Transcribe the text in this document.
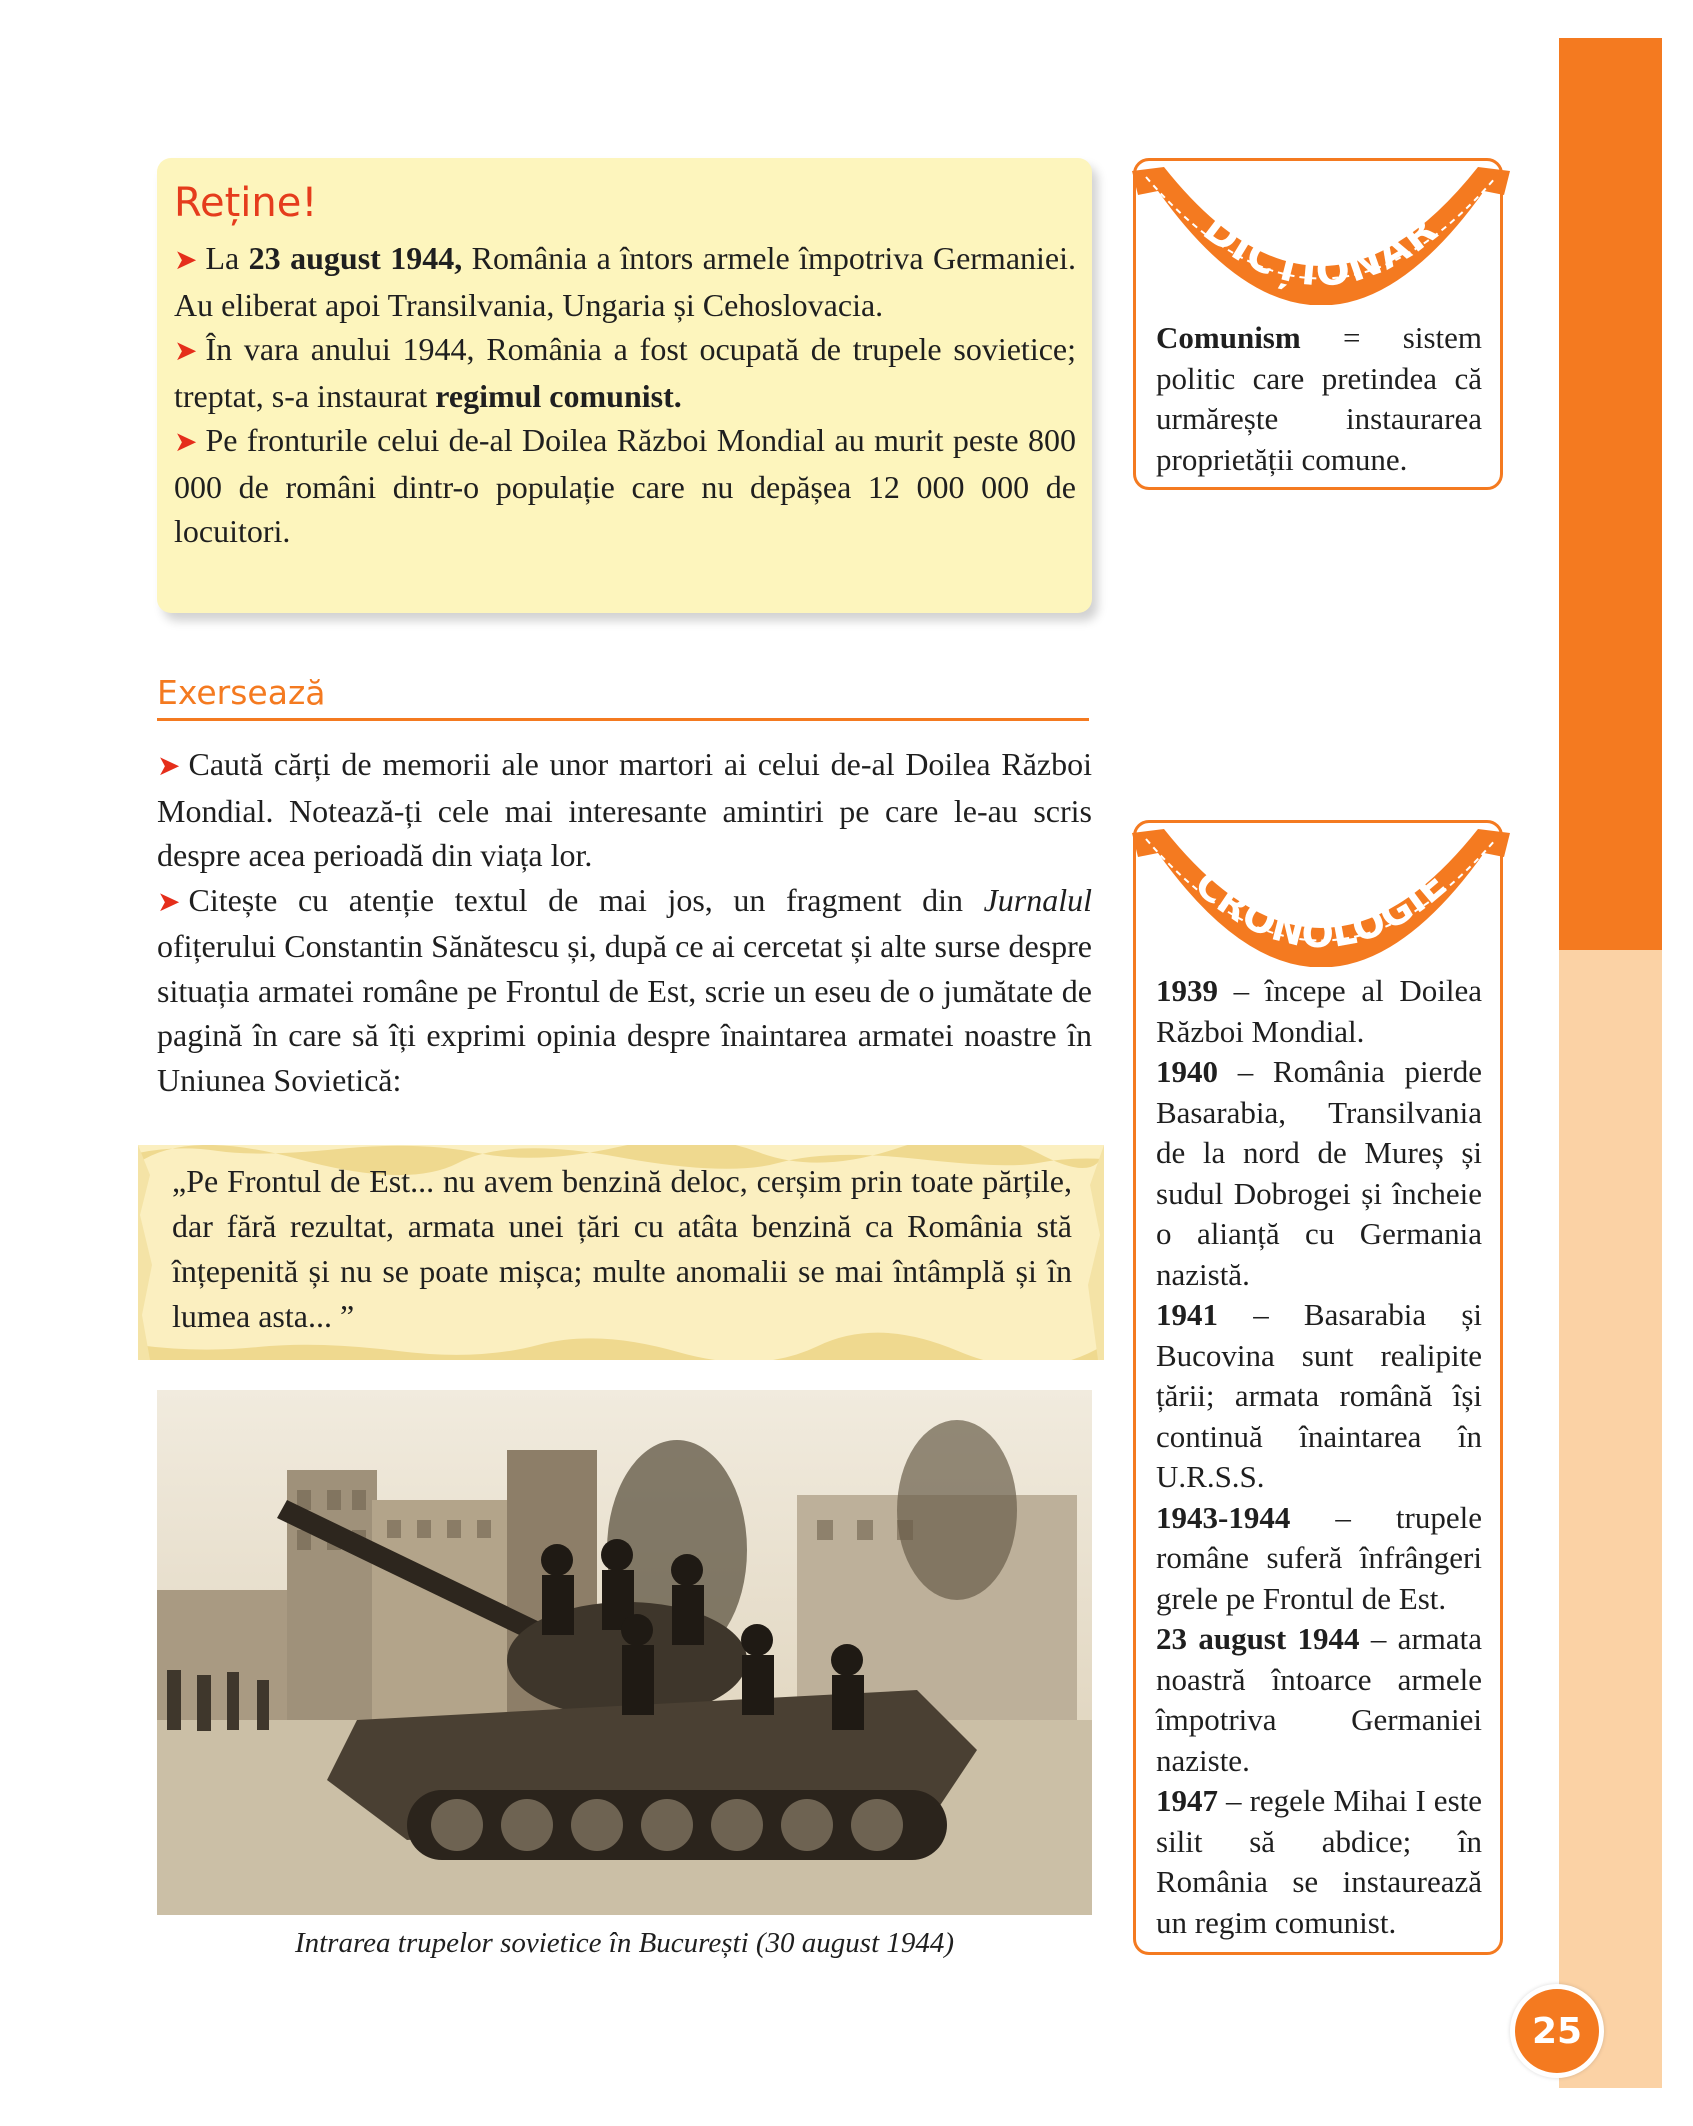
Reține!

➤ La 23 august 1944, România a întors armele împotriva Germaniei. Au eliberat apoi Transilvania, Ungaria și Cehoslovacia.

➤ În vara anului 1944, România a fost ocupată de trupele sovietice; treptat, s-a instaurat regimul comunist.

➤ Pe fronturile celui de-al Doilea Război Mondial au murit peste 800 000 de români dintr-o populație care nu depășea 12 000 000 de locuitori.

Exersează

➤ Caută cărți de memorii ale unor martori ai celui de-al Doilea Război Mondial. Notează-ți cele mai interesante amintiri pe care le-au scris despre acea perioadă din viața lor.

➤ Citește cu atenție textul de mai jos, un fragment din Jurnalul ofițerului Constantin Sănătescu și, după ce ai cercetat și alte surse despre situația armatei române pe Frontul de Est, scrie un eseu de o jumătate de pagină în care să îți exprimi opinia despre înaintarea armatei noastre în Uniunea Sovietică:

„Pe Frontul de Est... nu avem benzină deloc, cerșim prin toate părțile, dar fără rezultat, armata unei țări cu atâta benzină ca România stă înțepenită și nu se poate mișca; multe anomalii se mai întâmplă și în lumea asta... ”

Intrarea trupelor sovietice în București (30 august 1944)
DICȚIONAR

Comunism = sistem politic care pretindea că urmărește instaurarea proprietății comune.

CRONOLOGIE

1939 – începe al Doilea Război Mondial.

1940 – România pierde Basarabia, Transilvania de la nord de Mureș și sudul Dobrogei și încheie o alianță cu Germania nazistă.

1941 – Basarabia și Bucovina sunt realipite țării; armata română își continuă înaintarea în U.R.S.S.

1943-1944 – trupele române suferă înfrângeri grele pe Frontul de Est.

23 august 1944 – armata noastră întoarce armele împotriva Germaniei naziste.

1947 – regele Mihai I este silit să abdice; în România se instaurează un regim comunist.

25
